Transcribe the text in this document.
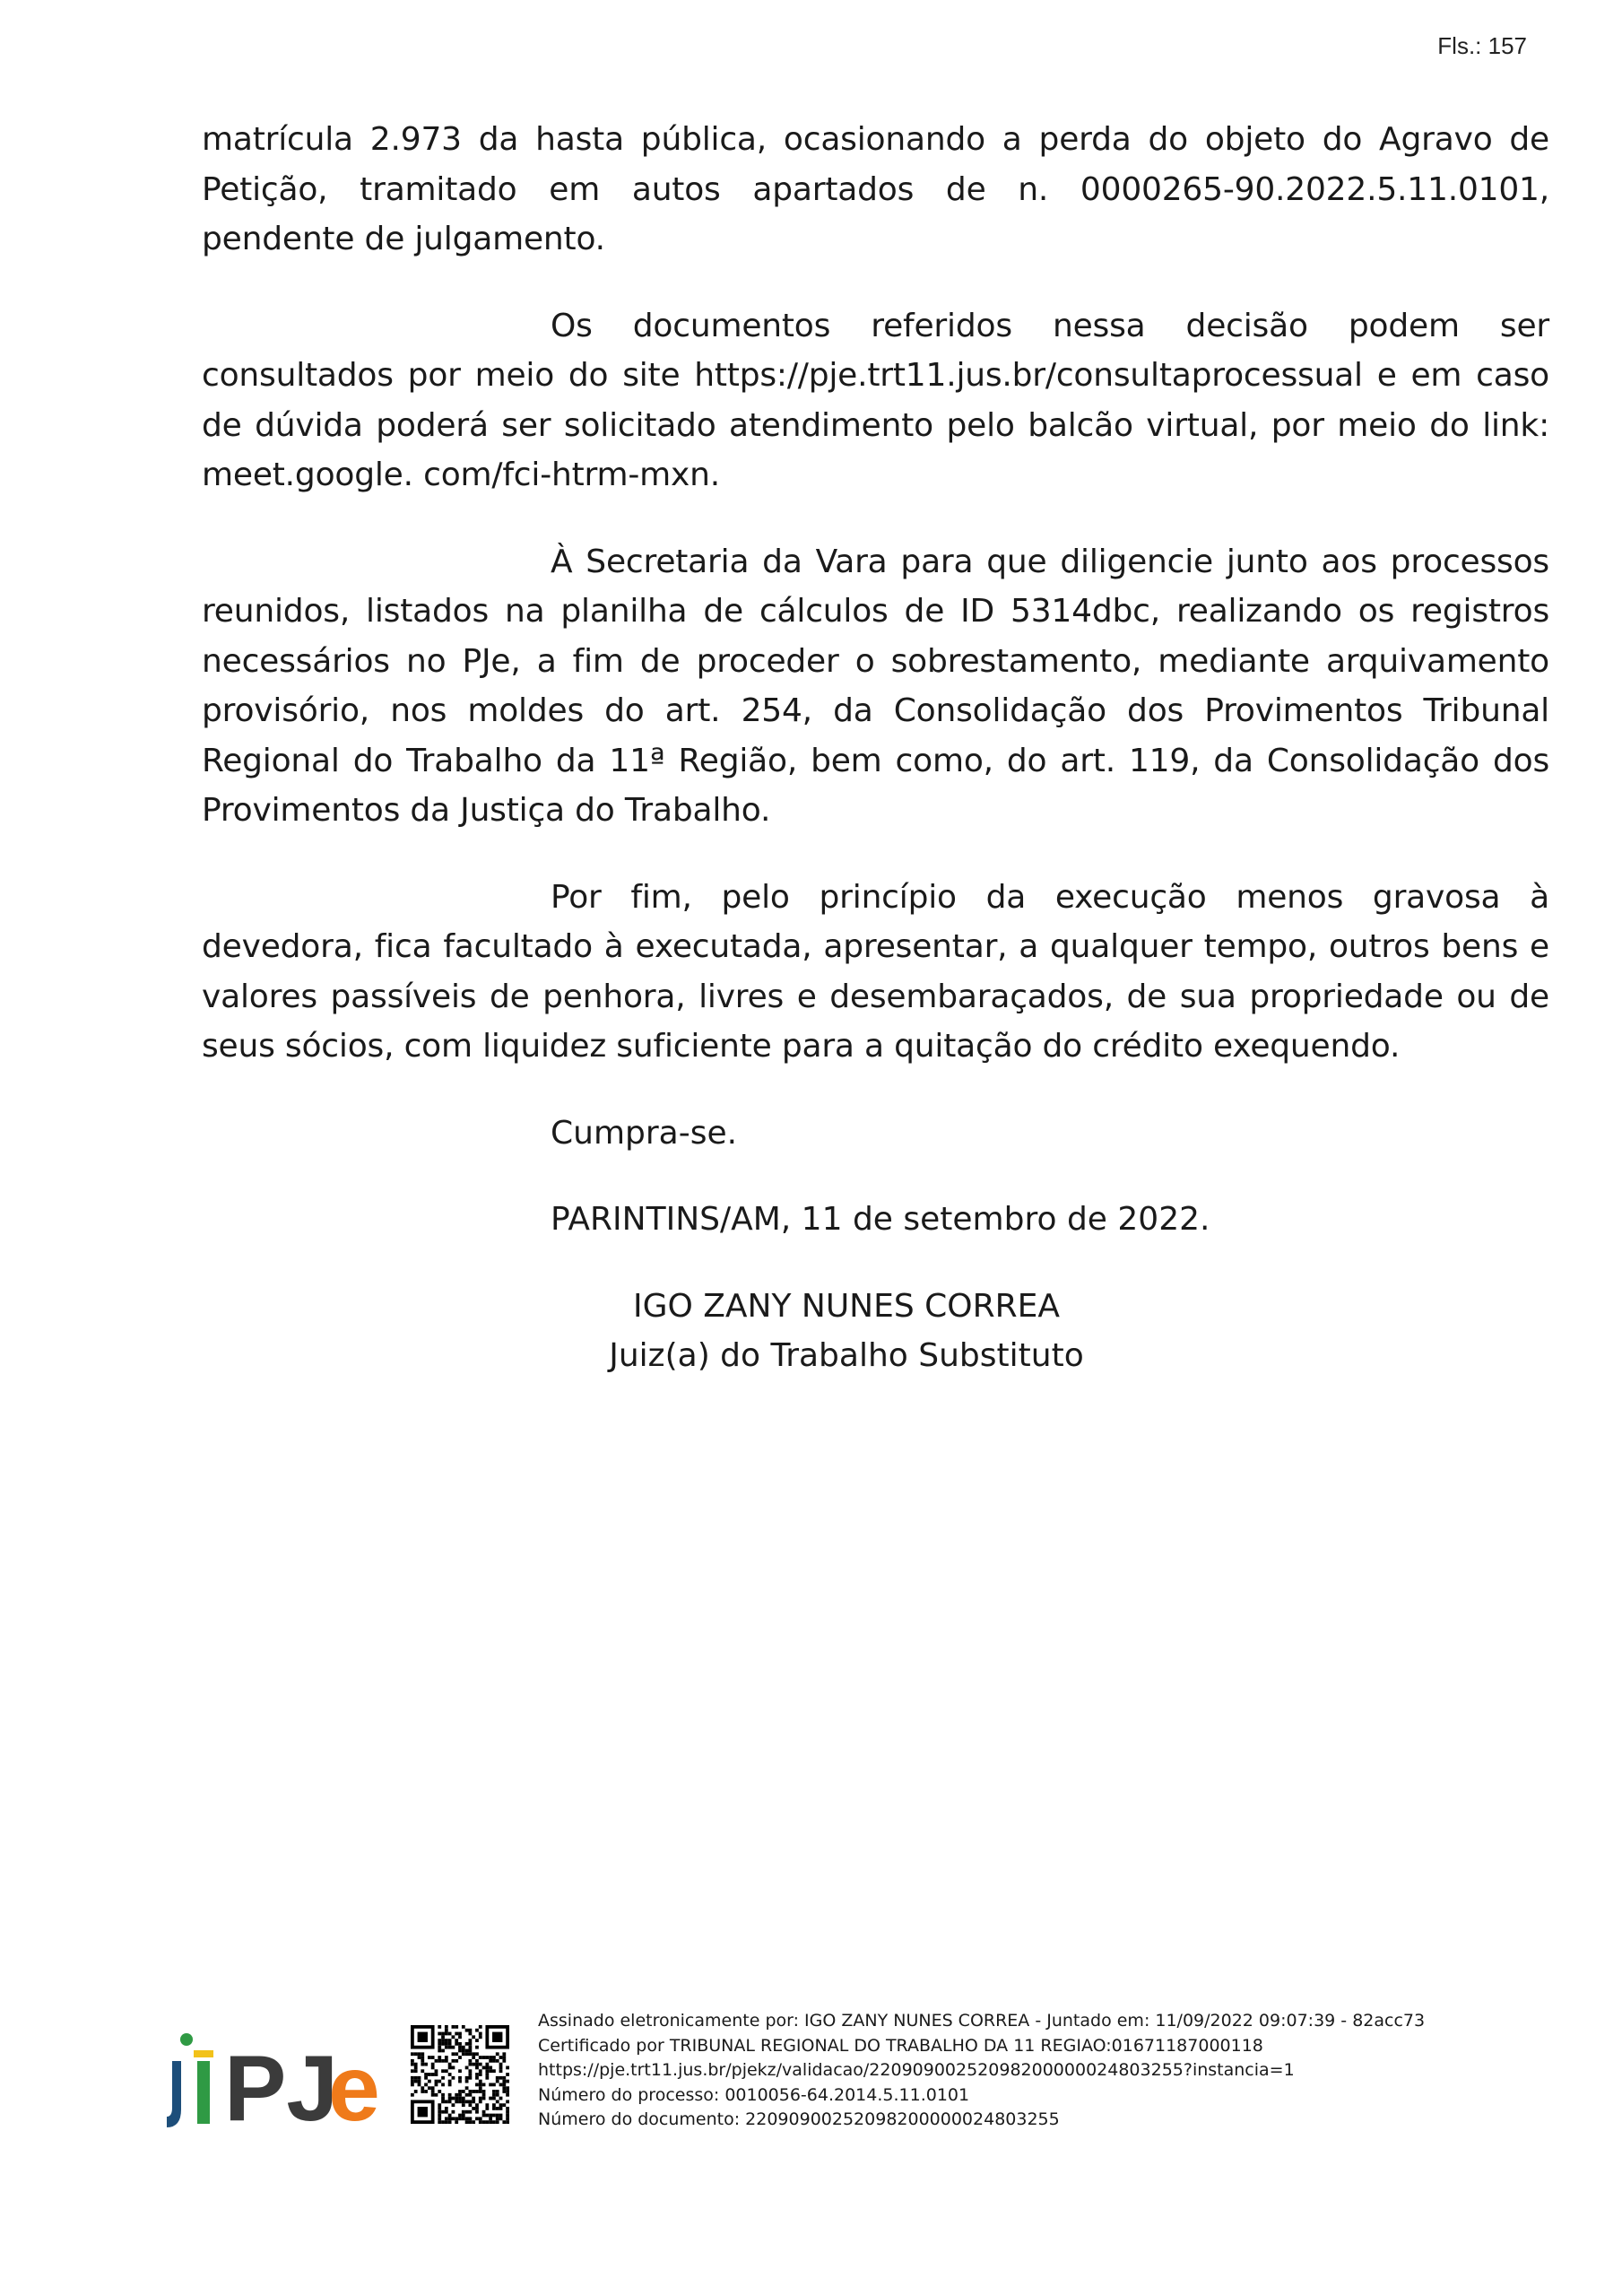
Fls.: 157

matrícula 2.973 da hasta pública, ocasionando a perda do objeto do Agravo de Petição, tramitado em autos apartados de n. 0000265-90.2022.5.11.0101, pendente de julgamento.

Os documentos referidos nessa decisão podem ser consultados por meio do site https://pje.trt11.jus.br/consultaprocessual e em caso de dúvida poderá ser solicitado atendimento pelo balcão virtual, por meio do link: meet.google. com/fci-htrm-mxn.

À Secretaria da Vara para que diligencie junto aos processos reunidos, listados na planilha de cálculos de ID 5314dbc, realizando os registros necessários no PJe, a fim de proceder o sobrestamento, mediante arquivamento provisório, nos moldes do art. 254, da Consolidação dos Provimentos Tribunal Regional do Trabalho da 11ª Região, bem como, do art. 119, da Consolidação dos Provimentos da Justiça do Trabalho.

Por fim, pelo princípio da execução menos gravosa à devedora, fica facultado à executada, apresentar, a qualquer tempo, outros bens e valores passíveis de penhora, livres e desembaraçados, de sua propriedade ou de seus sócios, com liquidez suficiente para a quitação do crédito exequendo.

Cumpra-se.

PARINTINS/AM, 11 de setembro de 2022.

IGO ZANY NUNES CORREA
Juiz(a) do Trabalho Substituto
PJ
e
Assinado eletronicamente por: IGO ZANY NUNES CORREA - Juntado em: 11/09/2022 09:07:39 - 82acc73
Certificado por TRIBUNAL REGIONAL DO TRABALHO DA 11 REGIAO:01671187000118
https://pje.trt11.jus.br/pjekz/validacao/22090900252098200000024803255?instancia=1
Número do processo: 0010056-64.2014.5.11.0101
Número do documento: 22090900252098200000024803255
